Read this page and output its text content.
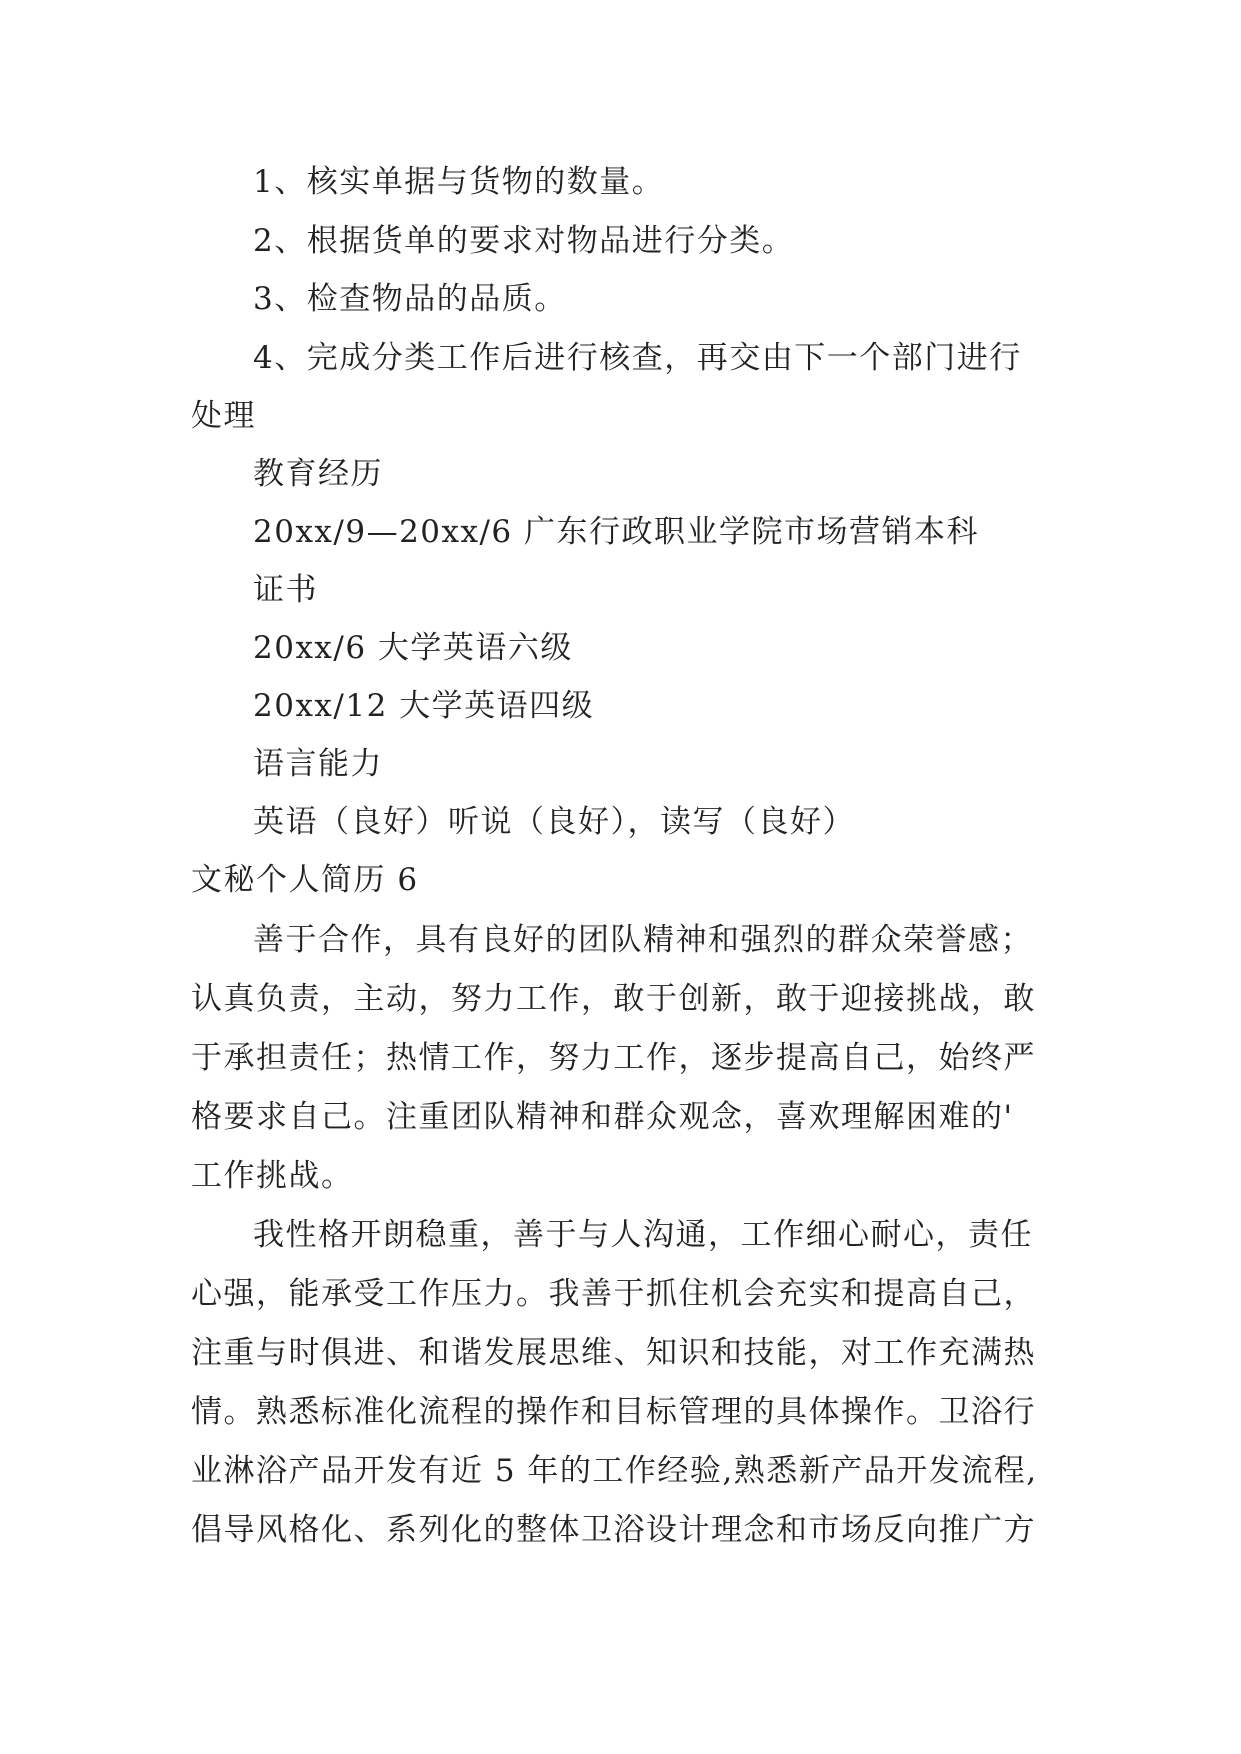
1、核实单据与货物的数量。
2、根据货单的要求对物品进行分类。
3、检查物品的品质。
4、完成分类工作后进行核查，再交由下一个部门进行
处理
教育经历
20xx/9—20xx/6 广东行政职业学院市场营销本科
证书
20xx/6 大学英语六级
20xx/12 大学英语四级
语言能力
英语（良好）听说（良好），读写（良好）
文秘个人简历 6
善于合作，具有良好的团队精神和强烈的群众荣誉感；
认真负责，主动，努力工作，敢于创新，敢于迎接挑战，敢
于承担责任；热情工作，努力工作，逐步提高自己，始终严
格要求自己。注重团队精神和群众观念，喜欢理解困难的'
工作挑战。
我性格开朗稳重，善于与人沟通，工作细心耐心，责任
心强，能承受工作压力。我善于抓住机会充实和提高自己，
注重与时俱进、和谐发展思维、知识和技能，对工作充满热
情。熟悉标准化流程的操作和目标管理的具体操作。卫浴行
业淋浴产品开发有近 5 年的工作经验,熟悉新产品开发流程,
倡导风格化、系列化的整体卫浴设计理念和市场反向推广方
